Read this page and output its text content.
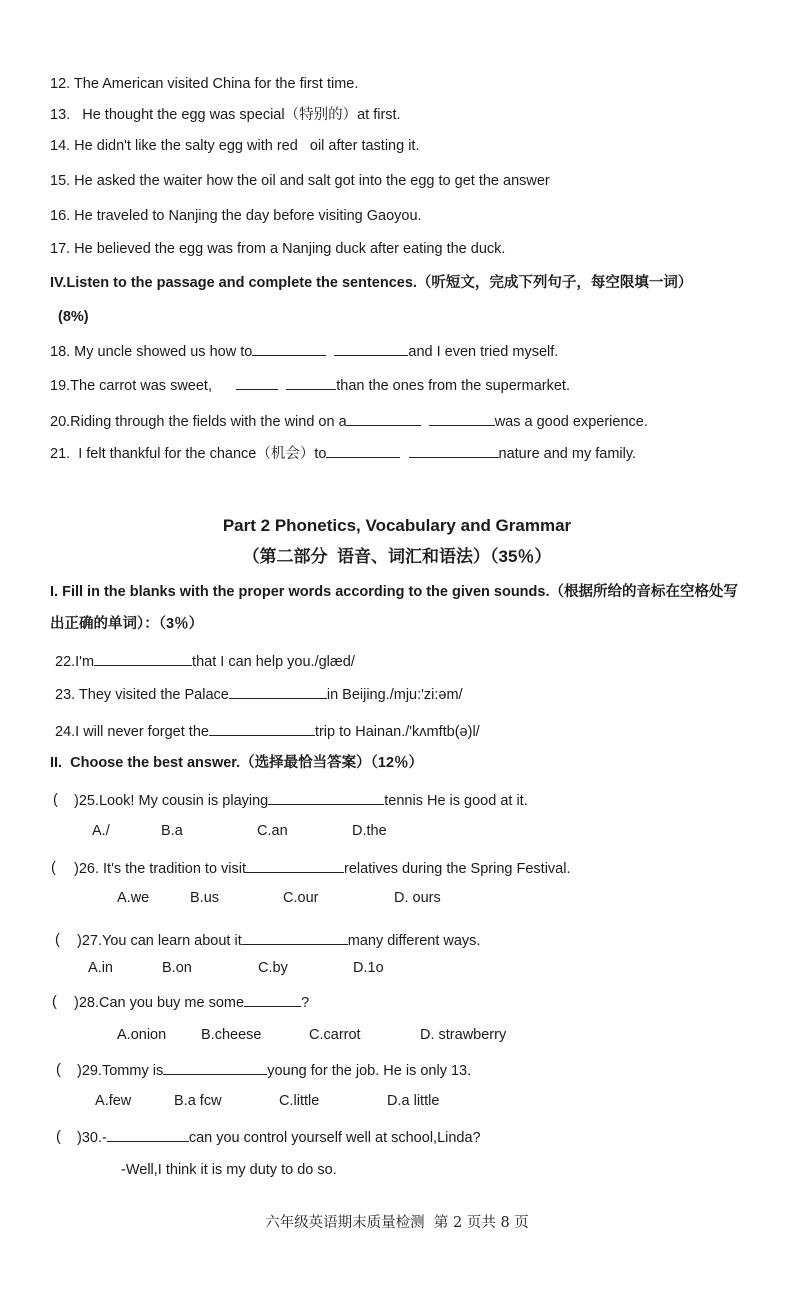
12. The American visited China for the first time.
13.   He thought the egg was special（特别的）at first.
14. He didn't like the salty egg with red   oil after tasting it.
15. He asked the waiter how the oil and salt got into the egg to get the answer
16. He traveled to Nanjing the day before visiting Gaoyou.
17. He believed the egg was from a Nanjing duck after eating the duck.
IV.Listen to the passage and complete the sentences.（听短文，完成下列句子，每空限填一词）
(8%)
18. My uncle showed us how to	and I even tried myself.
19.The carrot was sweet,	than the ones from the supermarket.
20.Riding through the fields with the wind on a	was a good experience.
21.  I felt thankful for the chance（机会）to	nature and my family.
Part 2 Phonetics, Vocabulary and Grammar
（第二部分  语音、词汇和语法）（35％）
I. Fill in the blanks with the proper words according to the given sounds.（根据所给的音标在空格处写
出正确的单词）：（3％）
22.I'm	that I can help you./glæd/
23. They visited the Palace	in Beijing./mju:'zi:əm/
24.I will never forget the	trip to Hainan./'kʌmftb(ə)l/
II.  Choose the best answer.（选择最恰当答案）（12％）
( )25.Look! My cousin is playing	tennis He is good at it.
A./	B.a	C.an	D.the
( )26. It's the tradition to visit	relatives during the Spring Festival.
A.we	B.us	C.our	D. ours
( )27.You can learn about it	many different ways.
A.in	B.on	C.by	D.1o
( )28.Can you buy me some	?
A.onion B.cheese	C.carrot	D. strawberry
( )29.Tommy is	young for the job. He is only 13.
A.few	B.a fcw	C.little	D.a little
( )30.-	can you control yourself well at school,Linda?
-Well,I think it is my duty to do so.
六年级英语期末质量检测  第 2 页共 8 页
